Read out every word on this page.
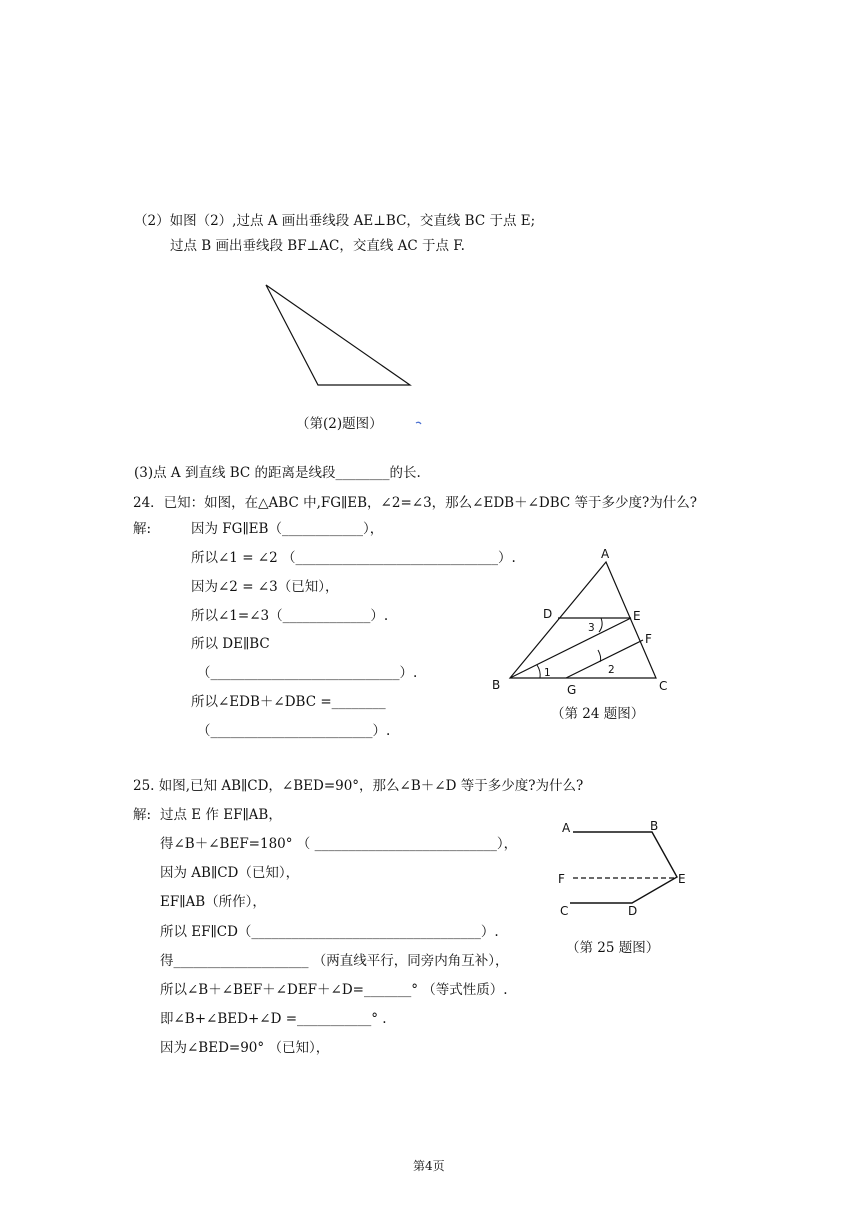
（2）如图（2）,过点 A 画出垂线段 AE⊥BC，交直线 BC 于点 E;
过点 B 画出垂线段 BF⊥AC，交直线 AC 于点 F.
（第(2)题图）
(3)点 A 到直线 BC 的距离是线段________的长.
24．已知：如图，在△ABC 中,FG∥EB，∠2=∠3，那么∠EDB＋∠DBC 等于多少度?为什么?
解:	因为 FG∥EB（____________），
所以∠1 = ∠2 （______________________________）.
因为∠2 = ∠3（已知），
所以∠1=∠3（_____________）.
所以 DE∥BC
（____________________________）.
所以∠EDB＋∠DBC =________
（________________________）.
A
B	C
D	E
F
G
1	2
3
（第 24 题图）
25. 如图,已知 AB∥CD，∠BED=90°，那么∠B＋∠D 等于多少度?为什么?
解: 过点 E 作 EF∥AB，
得∠B＋∠BEF=180° （ ___________________________），
因为 AB∥CD（已知），
EF∥AB（所作），
所以 EF∥CD（__________________________________）.
得____________________ （两直线平行，同旁内角互补），
所以∠B＋∠BEF＋∠DEF＋∠D=_______° （等式性质）.
即∠B+∠BED+∠D =___________° .
因为∠BED=90° （已知），
A	B
C	D
E
F
（第 25 题图）
第4页
